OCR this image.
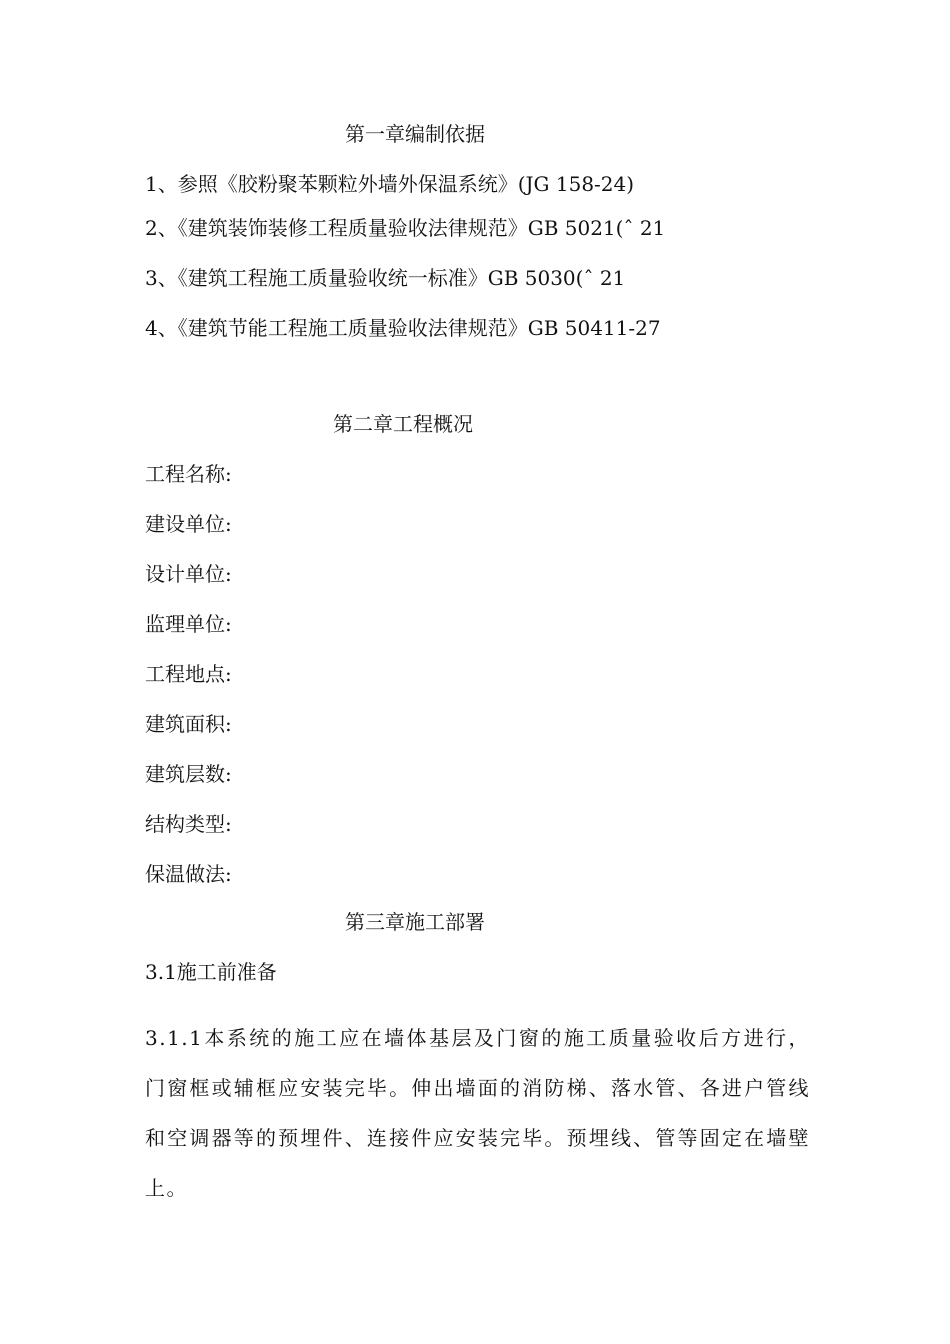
第一章编制依据
1、参照《胶粉聚苯颗粒外墙外保温系统》(JG 158-24)
2、《建筑装饰装修工程质量验收法律规范》GB 5021(ˆ 21
3、《建筑工程施工质量验收统一标准》GB 5030(ˆ 21
4、《建筑节能工程施工质量验收法律规范》GB 50411-27
第二章工程概况
工程名称:
建设单位:
设计单位:
监理单位:
工程地点:
建筑面积:
建筑层数:
结构类型:
保温做法:
第三章施工部署
3.1施工前准备
3.1.1本系统的施工应在墙体基层及门窗的施工质量验收后方进行， 门窗框或辅框应安装完毕。伸出墙面的消防梯、落水管、各进户管线 和空调器等的预埋件、连接件应安装完毕。预埋线、管等固定在墙壁上。
